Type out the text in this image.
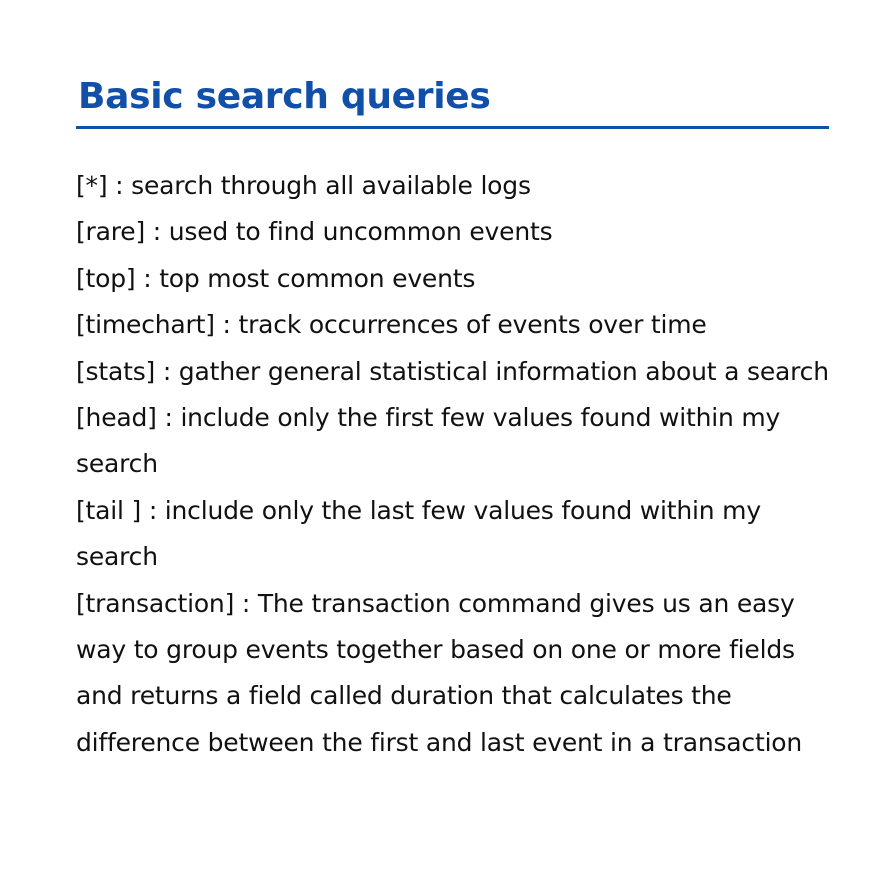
Basic search queries

[*] : search through all available logs

[rare] : used to find uncommon events

[top] : top most common events

[timechart] : track occurrences of events over time

[stats] : gather general statistical information about a search

[head] : include only the first few values found within my search

[tail ] : include only the last few values found within my search

[transaction] : The transaction command gives us an easy way to group events together based on one or more fields and returns a field called duration that calculates the difference between the first and last event in a transaction
